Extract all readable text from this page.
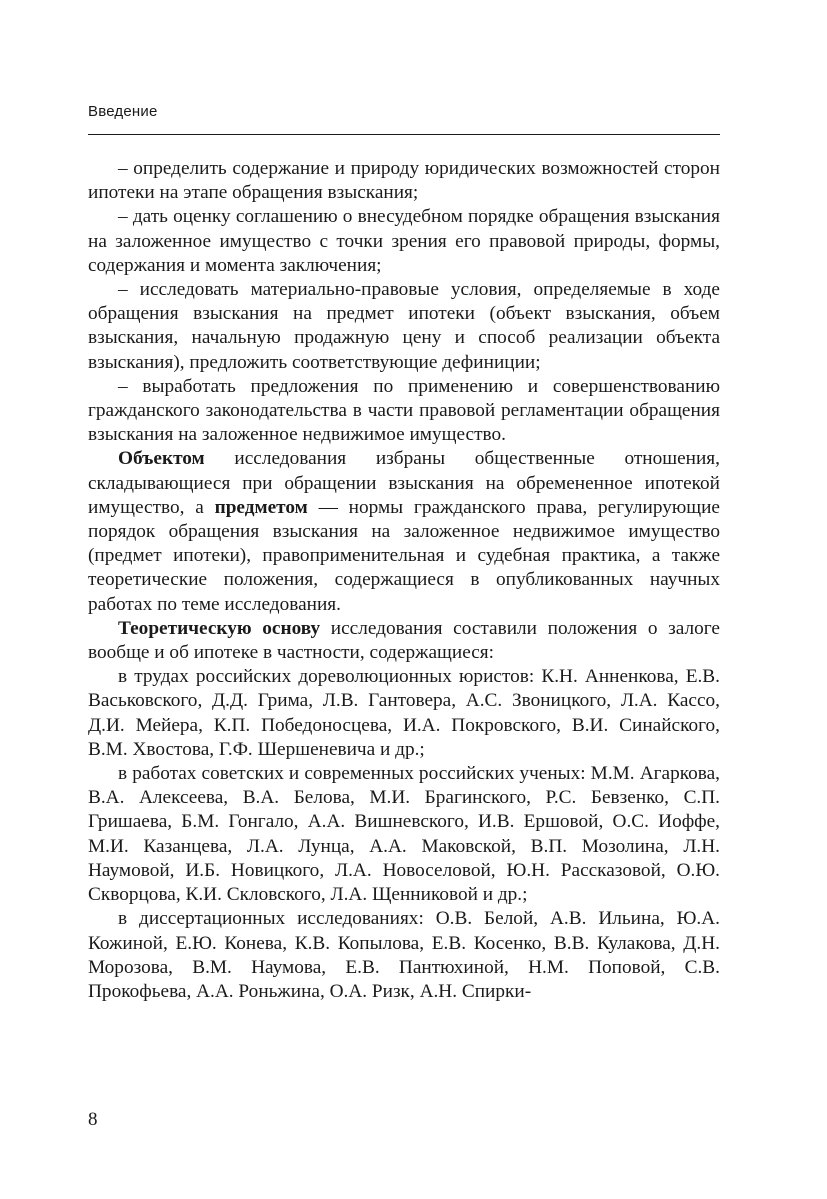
Введение

– определить содержание и природу юридических возможностей сторон ипотеки на этапе обращения взыскания;

– дать оценку соглашению о внесудебном порядке обращения взыскания на заложенное имущество с точки зрения его правовой природы, формы, содержания и момента заключения;

– исследовать материально-правовые условия, определяемые в ходе обращения взыскания на предмет ипотеки (объект взыскания, объем взыскания, начальную продажную цену и способ реализации объекта взыскания), предложить соответствующие дефиниции;

– выработать предложения по применению и совершенствованию гражданского законодательства в части правовой регламентации обращения взыскания на заложенное недвижимое имущество.

Объектом исследования избраны общественные отношения, складывающиеся при обращении взыскания на обремененное ипотекой имущество, а предметом — нормы гражданского права, регулирующие порядок обращения взыскания на заложенное недвижимое имущество (предмет ипотеки), правоприменительная и судебная практика, а также теоретические положения, содержащиеся в опубликованных научных работах по теме исследования.

Теоретическую основу исследования составили положения о залоге вообще и об ипотеке в частности, содержащиеся:

в трудах российских дореволюционных юристов: К.Н. Анненкова, Е.В. Васьковского, Д.Д. Грима, Л.В. Гантовера, А.С. Звоницкого, Л.А. Кассо, Д.И. Мейера, К.П. Победоносцева, И.А. Покровского, В.И. Синайского, В.М. Хвостова, Г.Ф. Шершеневича и др.;

в работах советских и современных российских ученых: М.М. Агаркова, В.А. Алексеева, В.А. Белова, М.И. Брагинского, Р.С. Бевзенко, С.П. Гришаева, Б.М. Гонгало, А.А. Вишневского, И.В. Ершовой, О.С. Иоффе, М.И. Казанцева, Л.А. Лунца, А.А. Маковской, В.П. Мозолина, Л.Н. Наумовой, И.Б. Новицкого, Л.А. Новоселовой, Ю.Н. Рассказовой, О.Ю. Скворцова, К.И. Скловского, Л.А. Щенниковой и др.;

в диссертационных исследованиях: О.В. Белой, А.В. Ильина, Ю.А. Кожиной, Е.Ю. Конева, К.В. Копылова, Е.В. Косенко, В.В. Кулакова, Д.Н. Морозова, В.М. Наумова, Е.В. Пантюхиной, Н.М. Поповой, С.В. Прокофьева, А.А. Роньжина, О.А. Ризк, А.Н. Спирки-

8
